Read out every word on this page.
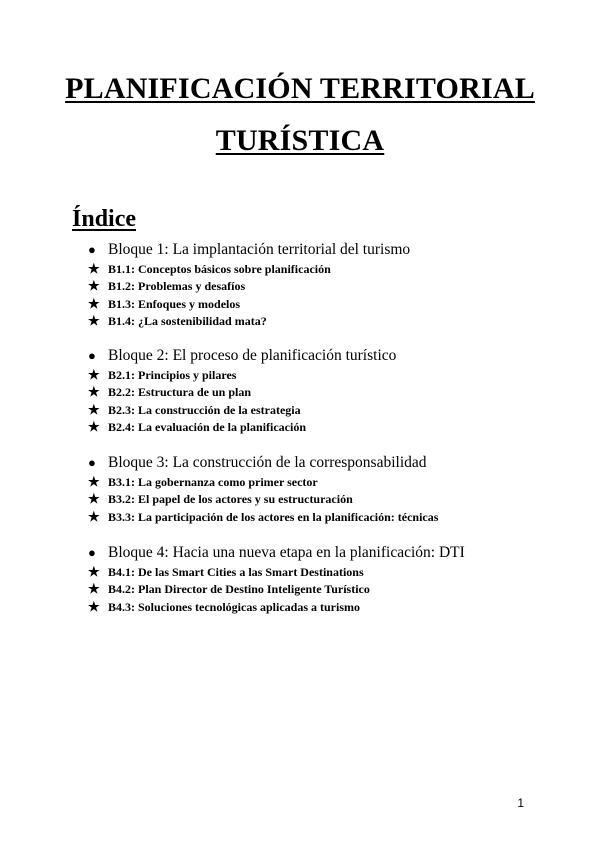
PLANIFICACIÓN TERRITORIAL
TURÍSTICA
Índice
● Bloque 1: La implantación territorial del turismo
★ B1.1: Conceptos básicos sobre planificación
★ B1.2: Problemas y desafíos
★ B1.3: Enfoques y modelos
★ B1.4: ¿La sostenibilidad mata?
● Bloque 2: El proceso de planificación turístico
★ B2.1: Principios y pilares
★ B2.2: Estructura de un plan
★ B2.3: La construcción de la estrategia
★ B2.4: La evaluación de la planificación
● Bloque 3: La construcción de la corresponsabilidad
★ B3.1: La gobernanza como primer sector
★ B3.2: El papel de los actores y su estructuración
★ B3.3: La participación de los actores en la planificación: técnicas
● Bloque 4: Hacia una nueva etapa en la planificación: DTI
★ B4.1: De las Smart Cities a las Smart Destinations
★ B4.2: Plan Director de Destino Inteligente Turístico
★ B4.3: Soluciones tecnológicas aplicadas a turismo
1
